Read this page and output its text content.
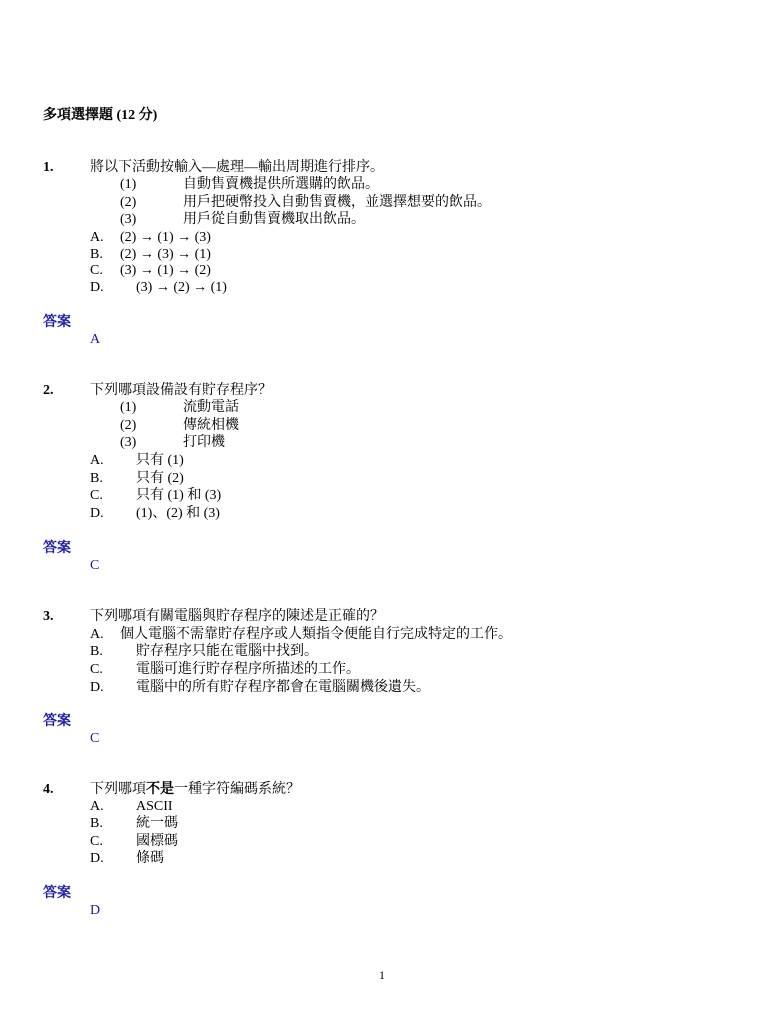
多項選擇題 (12 分)
1.	將以下活動按輸入—處理—輸出周期進行排序。
(1)	自動售賣機提供所選購的飲品。
(2)	用戶把硬幣投入自動售賣機，並選擇想要的飲品。
(3)	用戶從自動售賣機取出飲品。
A. (2) → (1) → (3)
B. (2) → (3) → (1)
C. (3) → (1) → (2)
D. (3) → (2) → (1)
答案
A
2.	下列哪項設備設有貯存程序？
(1)	流動電話
(2)	傳統相機
(3)	打印機
A. 只有 (1)
B. 只有 (2)
C. 只有 (1) 和 (3)
D. (1)、(2) 和 (3)
答案
C
3.	下列哪項有關電腦與貯存程序的陳述是正確的？
A. 個人電腦不需靠貯存程序或人類指令便能自行完成特定的工作。
B. 貯存程序只能在電腦中找到。
C. 電腦可進行貯存程序所描述的工作。
D. 電腦中的所有貯存程序都會在電腦關機後遺失。
答案
C
4.	下列哪項不是一種字符編碼系統？
A. ASCII
B. 統一碼
C. 國標碼
D. 條碼
答案
D
1
